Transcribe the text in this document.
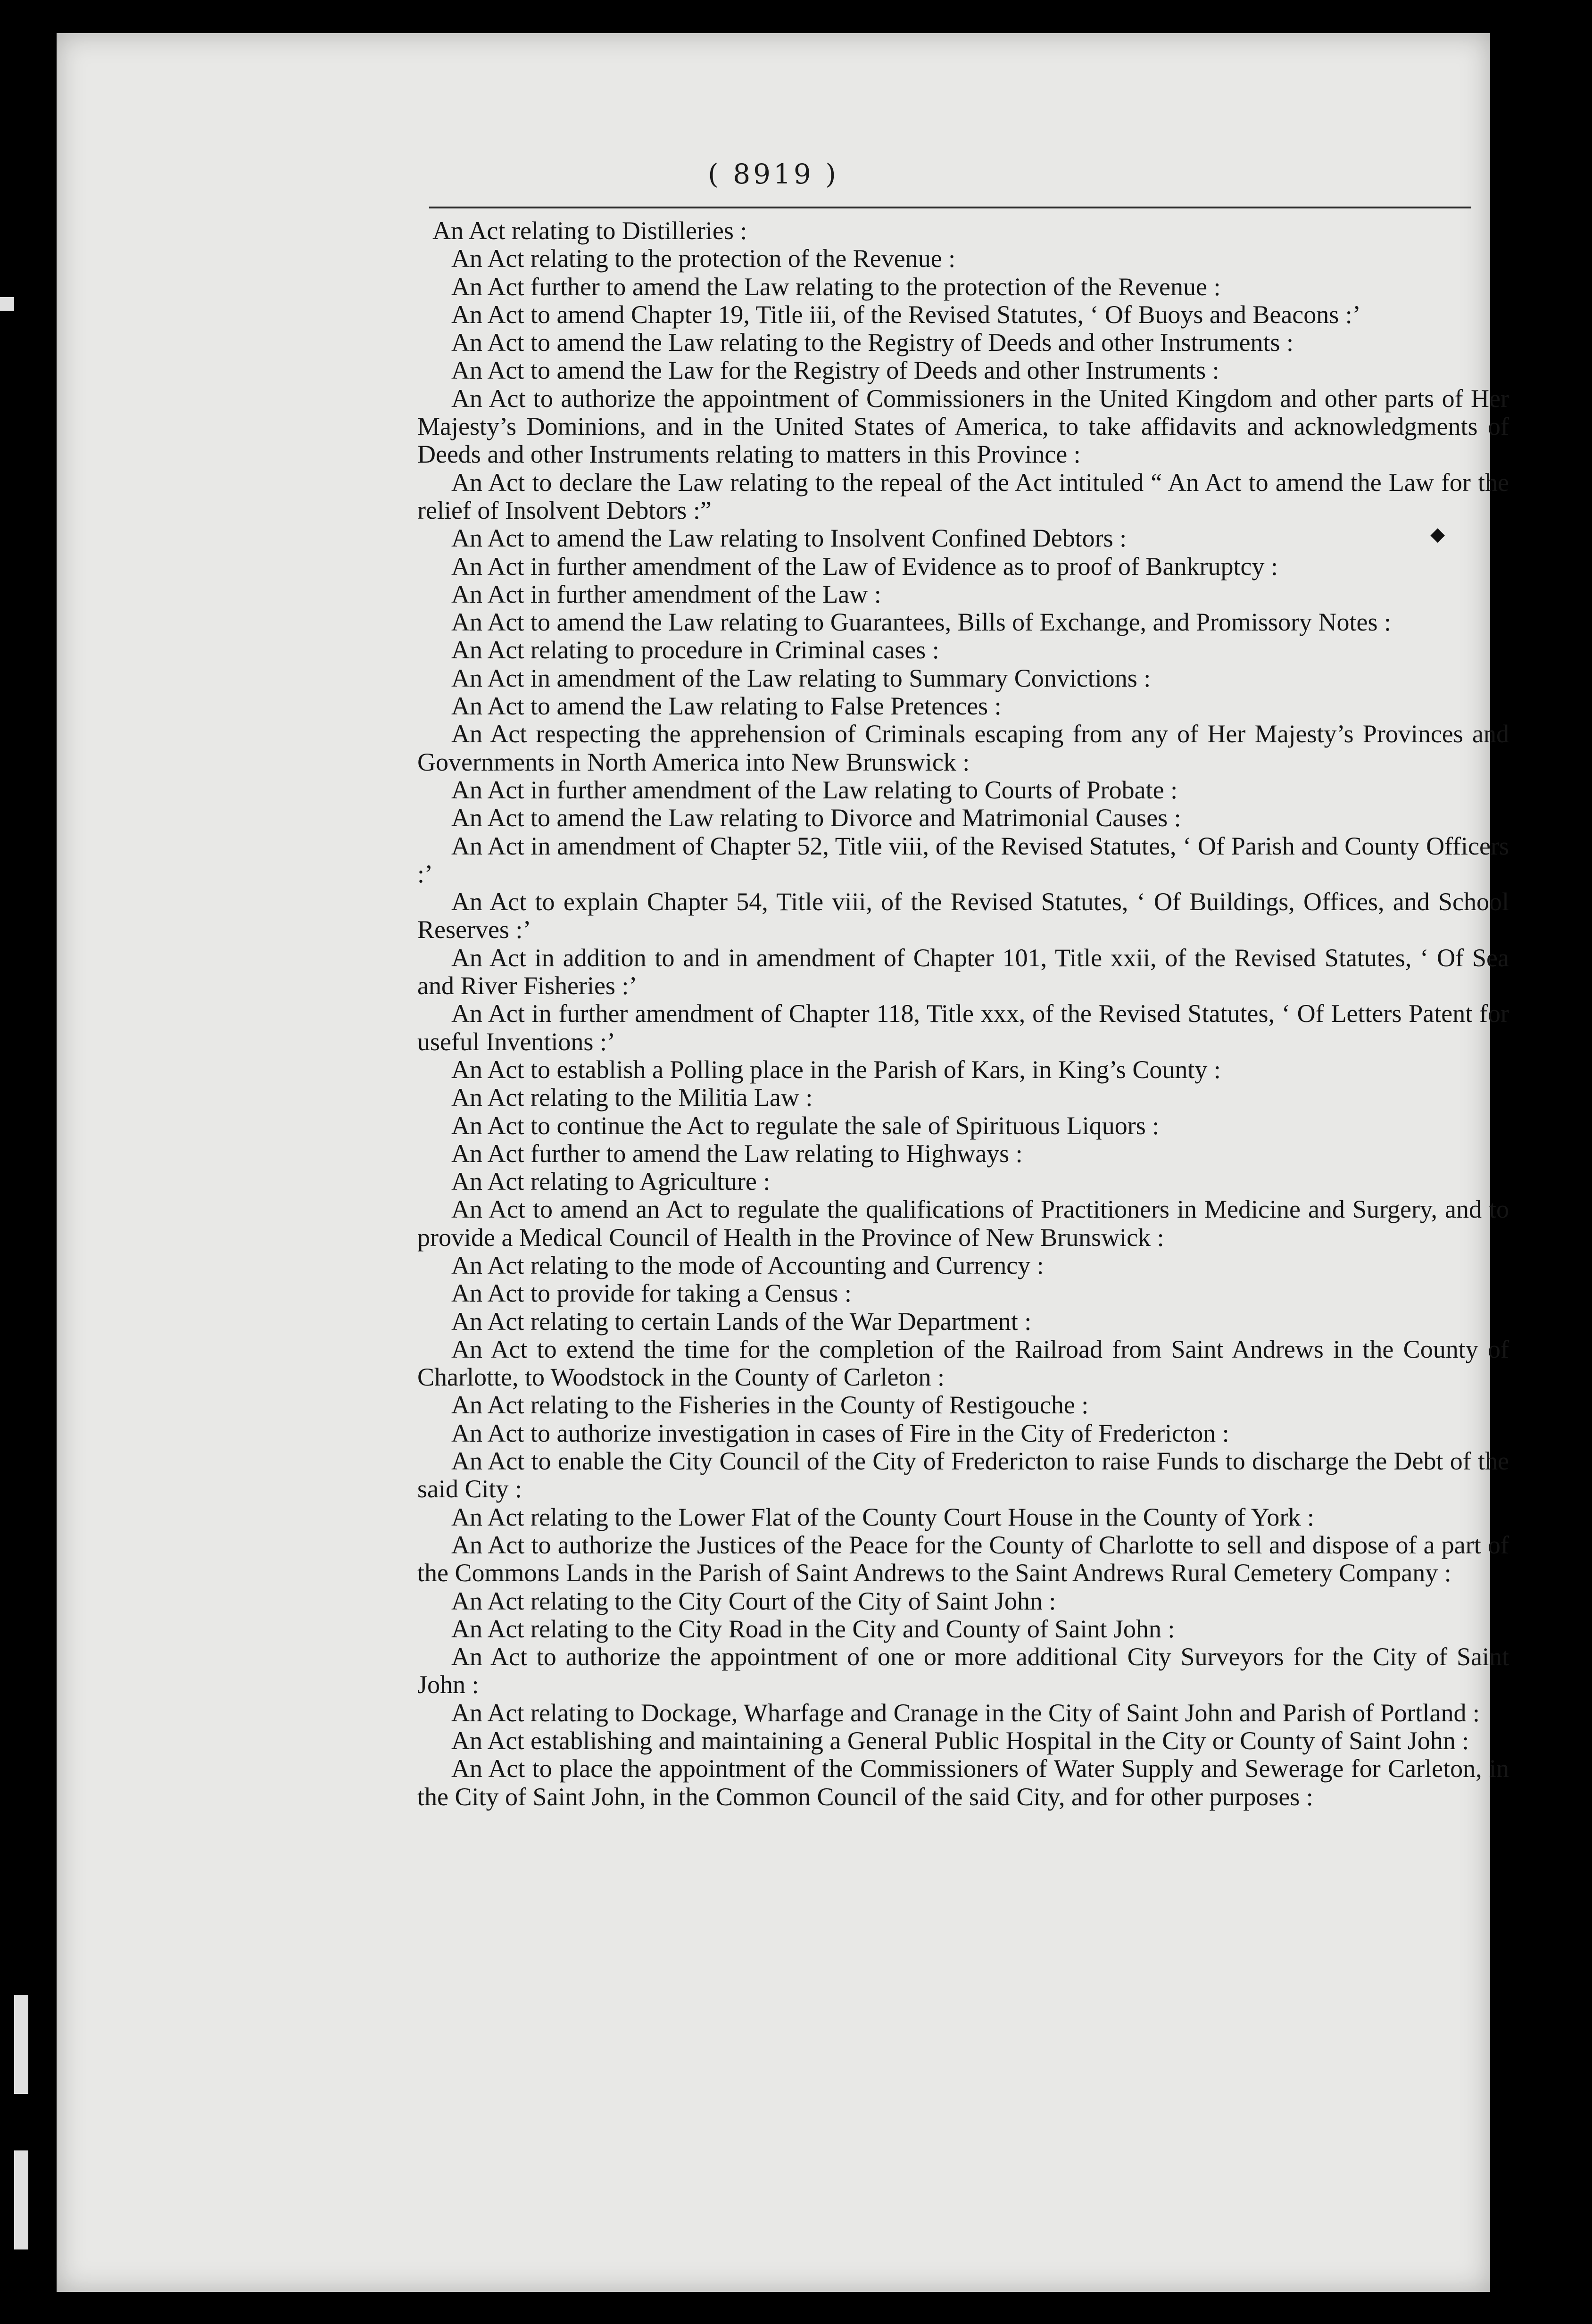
( 8919 )

An Act relating to Distilleries :

An Act relating to the protection of the Revenue :

An Act further to amend the Law relating to the protection of the Revenue :

An Act to amend Chapter 19, Title iii, of the Revised Statutes, ‘ Of Buoys and Beacons :’

An Act to amend the Law relating to the Registry of Deeds and other Instruments :

An Act to amend the Law for the Registry of Deeds and other Instruments :

An Act to authorize the appointment of Commissioners in the United Kingdom and other parts of Her Majesty’s Dominions, and in the United States of America, to take affidavits and acknowledgments of Deeds and other Instruments relating to matters in this Province :

An Act to declare the Law relating to the repeal of the Act intituled “ An Act to amend the Law for the relief of Insolvent Debtors :”

An Act to amend the Law relating to Insolvent Confined Debtors :

An Act in further amendment of the Law of Evidence as to proof of Bankruptcy :

An Act in further amendment of the Law :

An Act to amend the Law relating to Guarantees, Bills of Exchange, and Promissory Notes :

An Act relating to procedure in Criminal cases :

An Act in amendment of the Law relating to Summary Convictions :

An Act to amend the Law relating to False Pretences :

An Act respecting the apprehension of Criminals escaping from any of Her Majesty’s Provinces and Governments in North America into New Brunswick :

An Act in further amendment of the Law relating to Courts of Probate :

An Act to amend the Law relating to Divorce and Matrimonial Causes :

An Act in amendment of Chapter 52, Title viii, of the Revised Statutes, ‘ Of Parish and County Officers :’

An Act to explain Chapter 54, Title viii, of the Revised Statutes, ‘ Of Buildings, Offices, and School Reserves :’

An Act in addition to and in amendment of Chapter 101, Title xxii, of the Revised Statutes, ‘ Of Sea and River Fisheries :’

An Act in further amendment of Chapter 118, Title xxx, of the Revised Statutes, ‘ Of Letters Patent for useful Inventions :’

An Act to establish a Polling place in the Parish of Kars, in King’s County :

An Act relating to the Militia Law :

An Act to continue the Act to regulate the sale of Spirituous Liquors :

An Act further to amend the Law relating to Highways :

An Act relating to Agriculture :

An Act to amend an Act to regulate the qualifications of Practitioners in Medicine and Surgery, and to provide a Medical Council of Health in the Province of New Brunswick :

An Act relating to the mode of Accounting and Currency :

An Act to provide for taking a Census :

An Act relating to certain Lands of the War Department :

An Act to extend the time for the completion of the Railroad from Saint Andrews in the County of Charlotte, to Woodstock in the County of Carleton :

An Act relating to the Fisheries in the County of Restigouche :

An Act to authorize investigation in cases of Fire in the City of Fredericton :

An Act to enable the City Council of the City of Fredericton to raise Funds to discharge the Debt of the said City :

An Act relating to the Lower Flat of the County Court House in the County of York :

An Act to authorize the Justices of the Peace for the County of Charlotte to sell and dispose of a part of the Commons Lands in the Parish of Saint Andrews to the Saint Andrews Rural Cemetery Company :

An Act relating to the City Court of the City of Saint John :

An Act relating to the City Road in the City and County of Saint John :

An Act to authorize the appointment of one or more additional City Surveyors for the City of Saint John :

An Act relating to Dockage, Wharfage and Cranage in the City of Saint John and Parish of Portland :

An Act establishing and maintaining a General Public Hospital in the City or County of Saint John :

An Act to place the appointment of the Commissioners of Water Supply and Sewerage for Carleton, in the City of Saint John, in the Common Council of the said City, and for other purposes :

◆
